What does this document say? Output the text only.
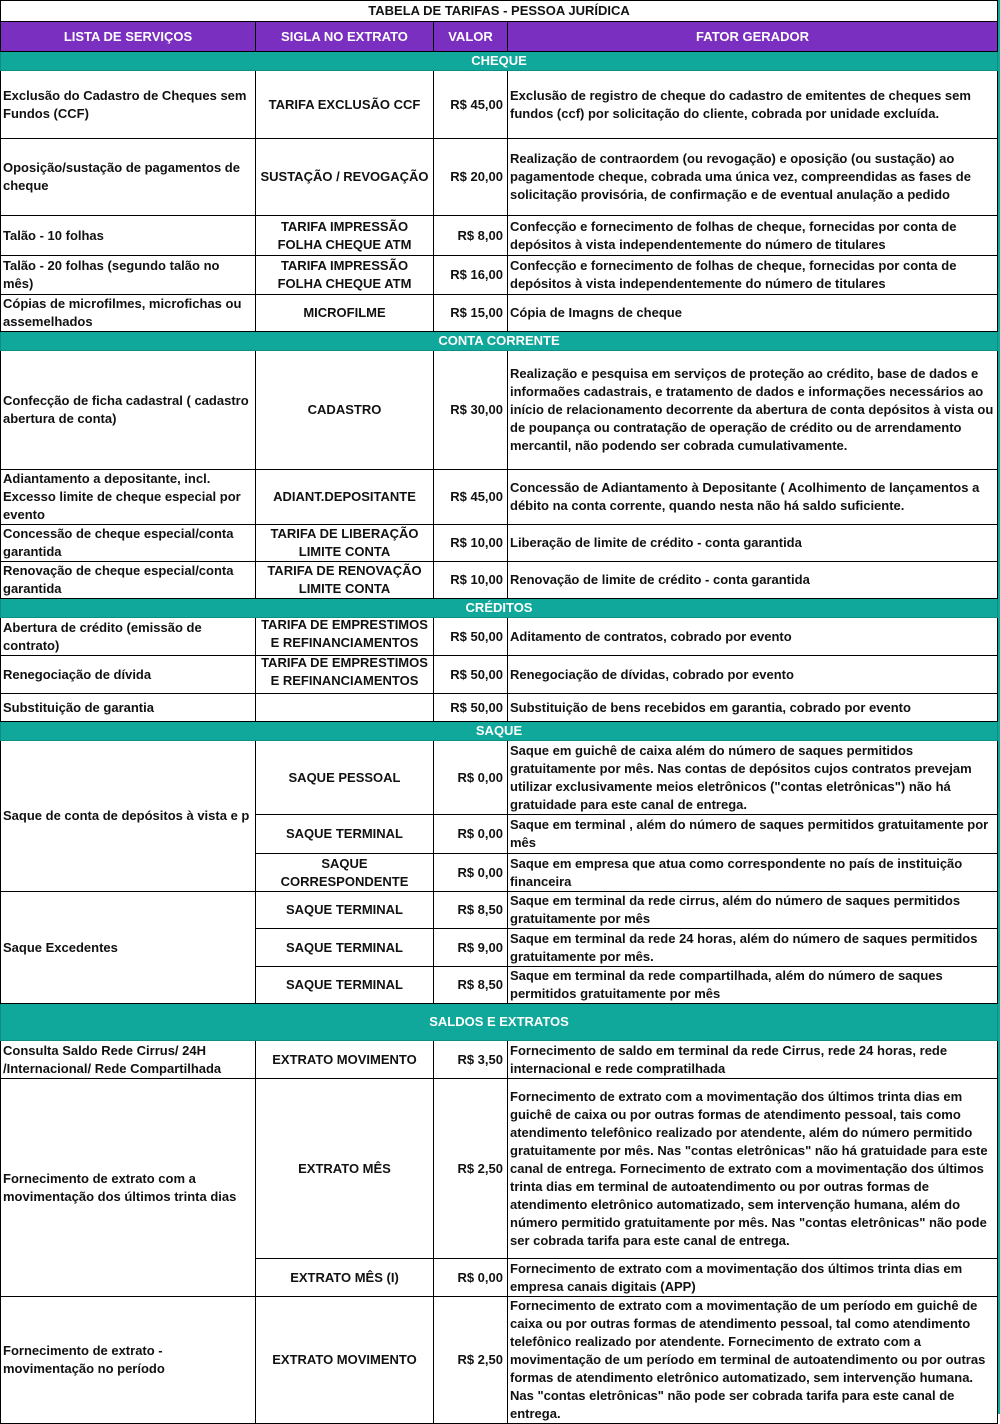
TABELA DE TARIFAS - PESSOA JURÍDICA			
LISTA DE SERVIÇOS	SIGLA NO EXTRATO	VALOR	FATOR GERADOR
CHEQUE			
Exclusão do Cadastro de Cheques sem Fundos (CCF)	TARIFA EXCLUSÃO CCF	R$ 45,00	Exclusão de registro de cheque do cadastro de emitentes de cheques sem fundos (ccf) por solicitação do cliente, cobrada por unidade excluída.
Oposição/sustação de pagamentos de cheque	SUSTAÇÃO / REVOGAÇÃO	R$ 20,00	Realização de contraordem (ou revogação) e oposição (ou sustação) ao pagamentode cheque, cobrada uma única vez, compreendidas as fases de solicitação provisória, de confirmação e de eventual anulação a pedido
Talão - 10 folhas	TARIFA IMPRESSÃO FOLHA CHEQUE ATM	R$ 8,00	Confecção e fornecimento de folhas de cheque, fornecidas por conta de depósitos à vista independentemente do número de titulares
Talão - 20 folhas (segundo talão no mês)	TARIFA IMPRESSÃO FOLHA CHEQUE ATM	R$ 16,00	Confecção e fornecimento de folhas de cheque, fornecidas por conta de depósitos à vista independentemente do número de titulares
Cópias de microfilmes, microfichas ou assemelhados	MICROFILME	R$ 15,00	Cópia de Imagns de cheque
CONTA CORRENTE			
Confecção de ficha cadastral ( cadastro abertura de conta)	CADASTRO	R$ 30,00	Realização e pesquisa em serviços de proteção ao crédito, base de dados e informaões cadastrais, e tratamento de dados e informações necessários ao início de relacionamento decorrente da abertura de conta depósitos à vista ou de poupança ou contratação de operação de crédito ou de arrendamento mercantil, não podendo ser cobrada cumulativamente.
Adiantamento a depositante, incl. Excesso limite de cheque especial por evento	ADIANT.DEPOSITANTE	R$ 45,00	Concessão de Adiantamento à Depositante ( Acolhimento de lançamentos a débito na conta corrente, quando nesta não há saldo suficiente.
Concessão de cheque especial/conta garantida	TARIFA DE LIBERAÇÃO LIMITE CONTA	R$ 10,00	Liberação de limite de crédito - conta garantida
Renovação de cheque especial/conta garantida	TARIFA DE RENOVAÇÃO LIMITE CONTA	R$ 10,00	Renovação de limite de crédito - conta garantida
CRÉDITOS			
Abertura de crédito (emissão de contrato)	TARIFA DE EMPRESTIMOS E REFINANCIAMENTOS	R$ 50,00	Aditamento de contratos, cobrado por evento
Renegociação de dívida	TARIFA DE EMPRESTIMOS E REFINANCIAMENTOS	R$ 50,00	Renegociação de dívidas, cobrado por evento
Substituição de garantia		R$ 50,00	Substituição de bens recebidos em garantia, cobrado por evento
SAQUE			
Saque de conta de depósitos à vista e p	SAQUE PESSOAL	R$ 0,00	Saque em guichê de caixa além do número de saques permitidos gratuitamente por mês. Nas contas de depósitos cujos contratos prevejam utilizar exclusivamente meios eletrônicos ("contas eletrônicas") não há gratuidade para este canal de entrega.
	SAQUE TERMINAL	R$ 0,00	Saque em terminal , além do número de saques permitidos gratuitamente por mês
	SAQUE CORRESPONDENTE	R$ 0,00	Saque em empresa que atua como correspondente no país de instituição financeira
Saque Excedentes	SAQUE TERMINAL	R$ 8,50	Saque em terminal da rede cirrus, além do número de saques permitidos gratuitamente por mês
	SAQUE TERMINAL	R$ 9,00	Saque em terminal da rede 24 horas, além do número de saques permitidos gratuitamente por mês.
	SAQUE TERMINAL	R$ 8,50	Saque em terminal da rede compartilhada, além do número de saques permitidos gratuitamente por mês
SALDOS E EXTRATOS			
Consulta Saldo Rede Cirrus/ 24H /Internacional/ Rede Compartilhada	EXTRATO MOVIMENTO	R$ 3,50	Fornecimento de saldo em terminal da rede Cirrus, rede 24 horas, rede internacional e rede compratilhada
Fornecimento de extrato com a movimentação dos últimos trinta dias	EXTRATO MÊS	R$ 2,50	Fornecimento de extrato com a movimentação dos últimos trinta dias em guichê de caixa ou por outras formas de atendimento pessoal, tais como atendimento telefônico realizado por atendente, além do número permitido gratuitamente por mês. Nas "contas eletrônicas" não há gratuidade para este canal de entrega. Fornecimento de extrato com a movimentação dos últimos trinta dias em terminal de autoatendimento ou por outras formas de atendimento eletrônico automatizado, sem intervenção humana, além do número permitido gratuitamente por mês. Nas "contas eletrônicas" não pode ser cobrada tarifa para este canal de entrega.
	EXTRATO MÊS (I)	R$ 0,00	Fornecimento de extrato com a movimentação dos últimos trinta dias em empresa canais digitais (APP)
Fornecimento de extrato - movimentação no período	EXTRATO MOVIMENTO	R$ 2,50	Fornecimento de extrato com a movimentação de um período em guichê de caixa ou por outras formas de atendimento pessoal, tal como atendimento telefônico realizado por atendente. Fornecimento de extrato com a movimentação de um período em terminal de autoatendimento ou por outras formas de atendimento eletrônico automatizado, sem intervenção humana. Nas "contas eletrônicas" não pode ser cobrada tarifa para este canal de entrega.
